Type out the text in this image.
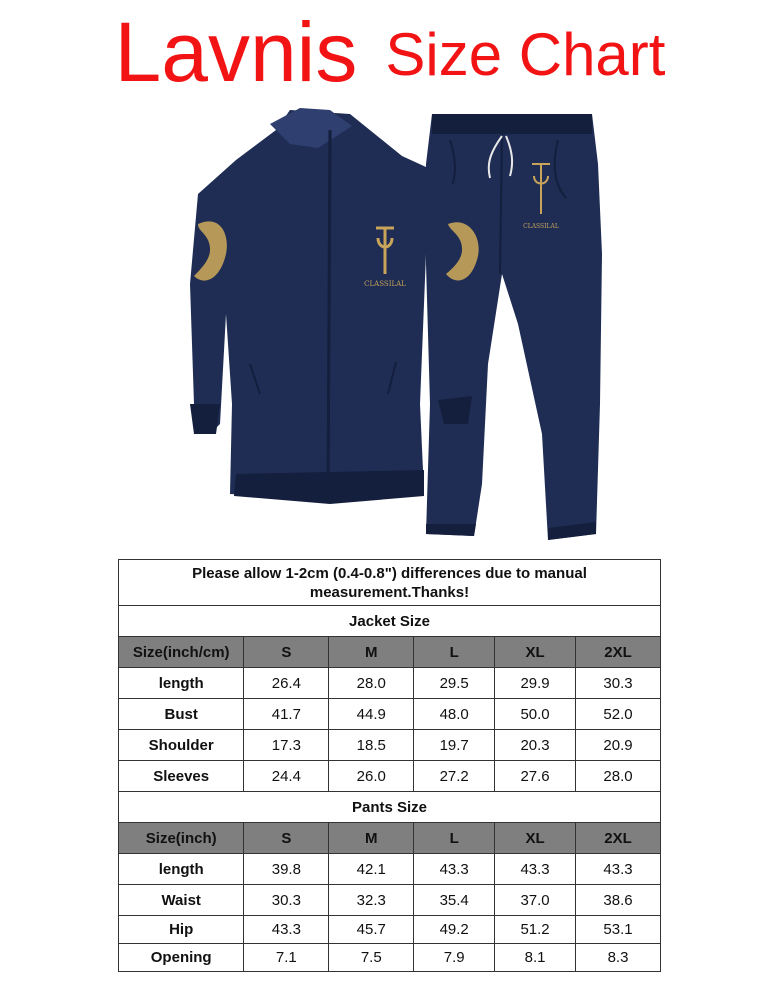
Lavnis Size Chart
CLASSILAL
CLASSILAL
Please allow 1-2cm (0.4-0.8") differences due to manual measurement.Thanks!					
Jacket Size					
Size(inch/cm)	S	M	L	XL	2XL
length	26.4	28.0	29.5	29.9	30.3
Bust	41.7	44.9	48.0	50.0	52.0
Shoulder	17.3	18.5	19.7	20.3	20.9
Sleeves	24.4	26.0	27.2	27.6	28.0
Pants Size					
Size(inch)	S	M	L	XL	2XL
length	39.8	42.1	43.3	43.3	43.3
Waist	30.3	32.3	35.4	37.0	38.6
Hip	43.3	45.7	49.2	51.2	53.1
Opening	7.1	7.5	7.9	8.1	8.3
